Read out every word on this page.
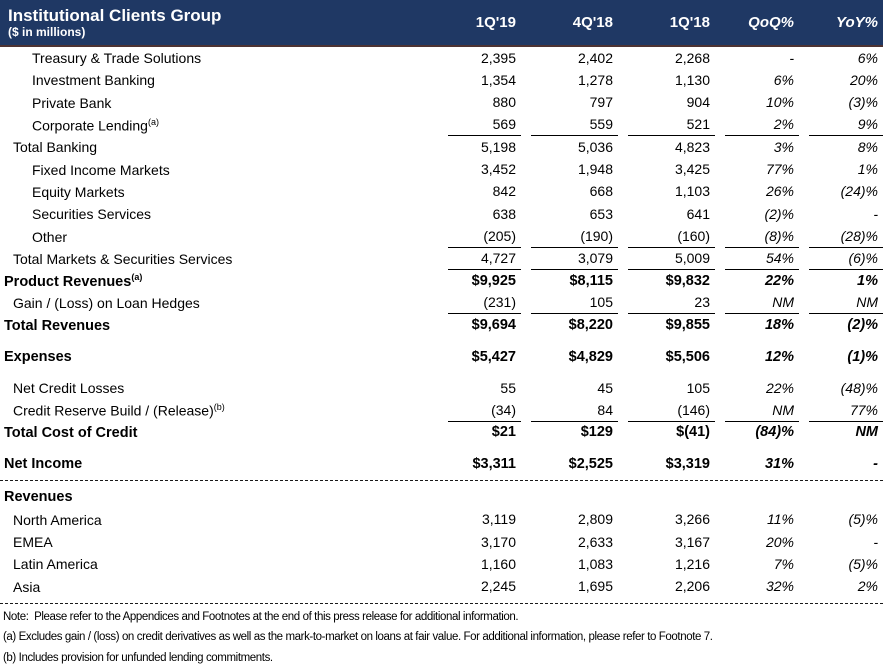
Institutional Clients Group
($ in millions)	1Q'19	4Q'18	1Q'18	QoQ%	YoY%
Treasury & Trade Solutions	2,395	2,402	2,268	-	6%

Investment Banking	1,354	1,278	1,130	6%	20%

Private Bank	880	797	904	10%	(3)%

Corporate Lending$^{(a)}$	569	559	521	2%	9%

Total Banking	5,198	5,036	4,823	3%	8%

Fixed Income Markets	3,452	1,948	3,425	77%	1%

Equity Markets	842	668	1,103	26%	(24)%

Securities Services	638	653	641	(2)%	-

Other	(205)	(190)	(160)	(8)%	(28)%

Total Markets & Securities Services	4,727	3,079	5,009	54%	(6)%

Product Revenues$^{(a)}$	$9,925	$8,115	$9,832	22%	1%

Gain / (Loss) on Loan Hedges	(231)	105	23	NM	NM

Total Revenues	$9,694	$8,220	$9,855	18%	(2)%

Expenses	$5,427	$4,829	$5,506	12%	(1)%

Net Credit Losses	55	45	105	22%	(48)%

Credit Reserve Build / (Release)$^{(b)}$	(34)	84	(146)	NM	77%

Total Cost of Credit	$21	$129	$(41)	(84)%	NM

Net Income	$3,311	$2,525	$3,319	31%	-

Revenues	

North America	3,119	2,809	3,266	11%	(5)%

EMEA	3,170	2,633	3,167	20%	-

Latin America	1,160	1,083	1,216	7%	(5)%

Asia	2,245	1,695	2,206	32%	2%
Note:  Please refer to the Appendices and Footnotes at the end of this press release for additional information.
(a) Excludes gain / (loss) on credit derivatives as well as the mark-to-market on loans at fair value. For additional information, please refer to Footnote 7.
(b) Includes provision for unfunded lending commitments.
